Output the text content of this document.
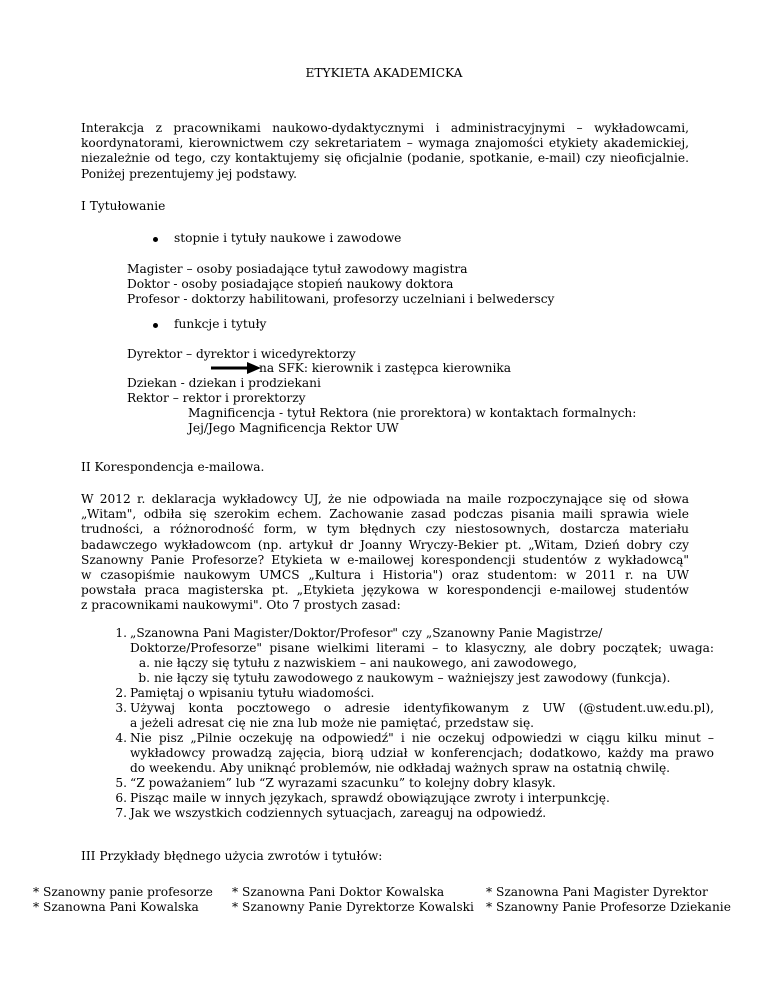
ETYKIETA AKADEMICKA
Interakcja z pracownikami naukowo-dydaktycznymi i administracyjnymi – wykładowcami,
koordynatorami, kierownictwem czy sekretariatem – wymaga znajomości etykiety akademickiej,
niezależnie od tego, czy kontaktujemy się oficjalnie (podanie, spotkanie, e-mail) czy nieoficjalnie.
Poniżej prezentujemy jej podstawy.
I Tytułowanie
stopnie i tytuły naukowe i zawodowe
Magister – osoby posiadające tytuł zawodowy magistra
Doktor - osoby posiadające stopień naukowy doktora
Profesor - doktorzy habilitowani, profesorzy uczelniani i belwederscy
funkcje i tytuły
Dyrektor – dyrektor i wicedyrektorzy
na SFK: kierownik i zastępca kierownika
Dziekan - dziekan i prodziekani
Rektor – rektor i prorektorzy
Magnificencja - tytuł Rektora (nie prorektora) w kontaktach formalnych:
Jej/Jego Magnificencja Rektor UW
II Korespondencja e-mailowa.
W 2012 r. deklaracja wykładowcy UJ, że nie odpowiada na maile rozpoczynające się od słowa
„Witam", odbiła się szerokim echem. Zachowanie zasad podczas pisania maili sprawia wiele
trudności, a różnorodność form, w tym błędnych czy niestosownych, dostarcza materiału
badawczego wykładowcom (np. artykuł dr Joanny Wryczy-Bekier pt. „Witam, Dzień dobry czy
Szanowny Panie Profesorze? Etykieta w e-mailowej korespondencji studentów z wykładowcą"
w czasopiśmie naukowym UMCS „Kultura i Historia") oraz studentom: w 2011 r. na UW
powstała praca magisterska pt. „Etykieta językowa w korespondencji e-mailowej studentów
z pracownikami naukowymi". Oto 7 prostych zasad:
1. „Szanowna Pani Magister/Doktor/Profesor" czy „Szanowny Panie Magistrze/
Doktorze/Profesorze" pisane wielkimi literami – to klasyczny, ale dobry początek; uwaga:
a. nie łączy się tytułu z nazwiskiem – ani naukowego, ani zawodowego,
b. nie łączy się tytułu zawodowego z naukowym – ważniejszy jest zawodowy (funkcja).
2. Pamiętaj o wpisaniu tytułu wiadomości.
3. Używaj konta pocztowego o adresie identyfikowanym z UW (@student.uw.edu.pl),
a jeżeli adresat cię nie zna lub może nie pamiętać, przedstaw się.
4. Nie pisz „Pilnie oczekuję na odpowiedź" i nie oczekuj odpowiedzi w ciągu kilku minut –
wykładowcy prowadzą zajęcia, biorą udział w konferencjach; dodatkowo, każdy ma prawo
do weekendu. Aby uniknąć problemów, nie odkładaj ważnych spraw na ostatnią chwilę.
5. “Z poważaniem” lub “Z wyrazami szacunku” to kolejny dobry klasyk.
6. Pisząc maile w innych językach, sprawdź obowiązujące zwroty i interpunkcję.
7. Jak we wszystkich codziennych sytuacjach, zareaguj na odpowiedź.
III Przykłady błędnego użycia zwrotów i tytułów:
* Szanowny panie profesorze
* Szanowna Pani Kowalska
* Szanowna Pani Doktor Kowalska
* Szanowny Panie Dyrektorze Kowalski
* Szanowna Pani Magister Dyrektor
* Szanowny Panie Profesorze Dziekanie
